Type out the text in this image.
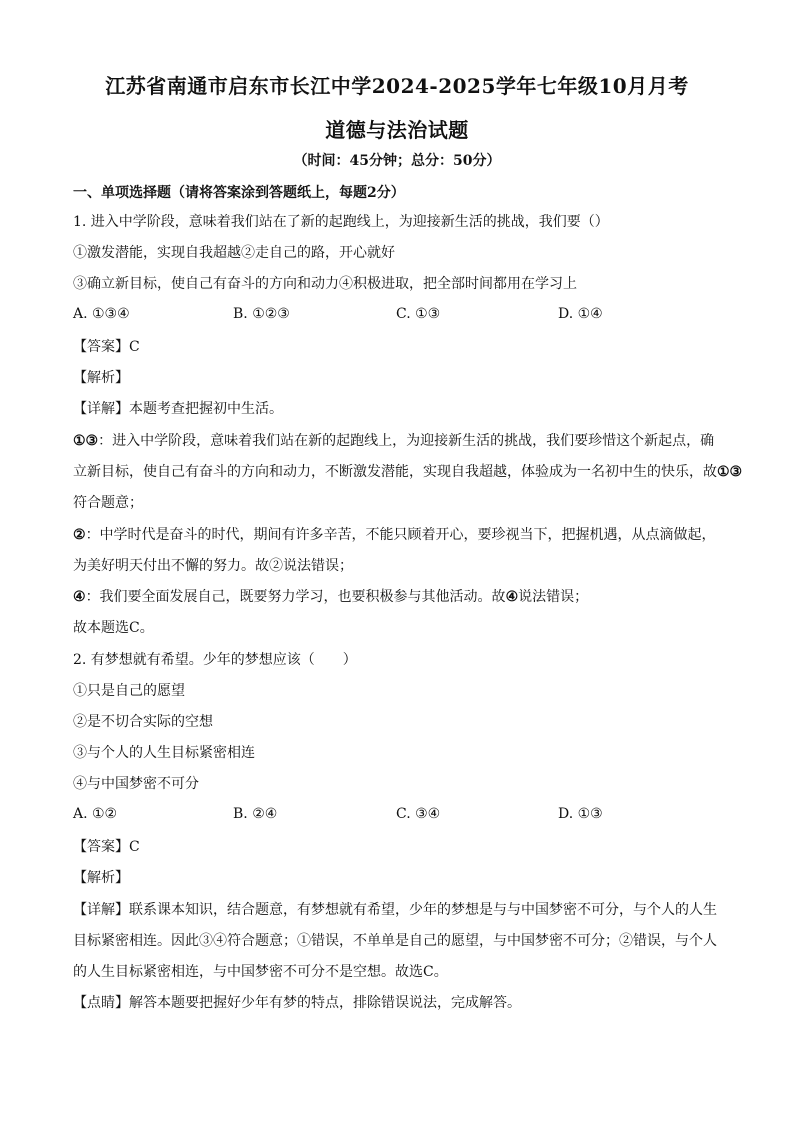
江苏省南通市启东市长江中学2024-2025学年七年级10月月考
道德与法治试题
（时间：45分钟；总分：50分）
一、单项选择题（请将答案涂到答题纸上，每题2分）
1. 进入中学阶段，意味着我们站在了新的起跑线上，为迎接新生活的挑战，我们要（）
①激发潜能，实现自我超越②走自己的路，开心就好
③确立新目标，使自己有奋斗的方向和动力④积极进取，把全部时间都用在学习上
A. ①③④	B. ①②③	C. ①③	D. ①④
【答案】C
【解析】
【详解】本题考查把握初中生活。
①③：进入中学阶段，意味着我们站在新的起跑线上，为迎接新生活的挑战，我们要珍惜这个新起点，确
立新目标，使自己有奋斗的方向和动力，不断激发潜能，实现自我超越，体验成为一名初中生的快乐，故①③
符合题意；
②：中学时代是奋斗的时代，期间有许多辛苦，不能只顾着开心，要珍视当下，把握机遇，从点滴做起，
为美好明天付出不懈的努力。故②说法错误；
④：我们要全面发展自己，既要努力学习，也要积极参与其他活动。故④说法错误；
故本题选C。
2. 有梦想就有希望。少年的梦想应该（　　）
①只是自己的愿望
②是不切合实际的空想
③与个人的人生目标紧密相连
④与中国梦密不可分
A. ①②	B. ②④	C. ③④	D. ①③
【答案】C
【解析】
【详解】联系课本知识，结合题意，有梦想就有希望，少年的梦想是与与中国梦密不可分，与个人的人生
目标紧密相连。因此③④符合题意；①错误，不单单是自己的愿望，与中国梦密不可分；②错误，与个人
的人生目标紧密相连，与中国梦密不可分不是空想。故选C。
【点睛】解答本题要把握好少年有梦的特点，排除错误说法，完成解答。
